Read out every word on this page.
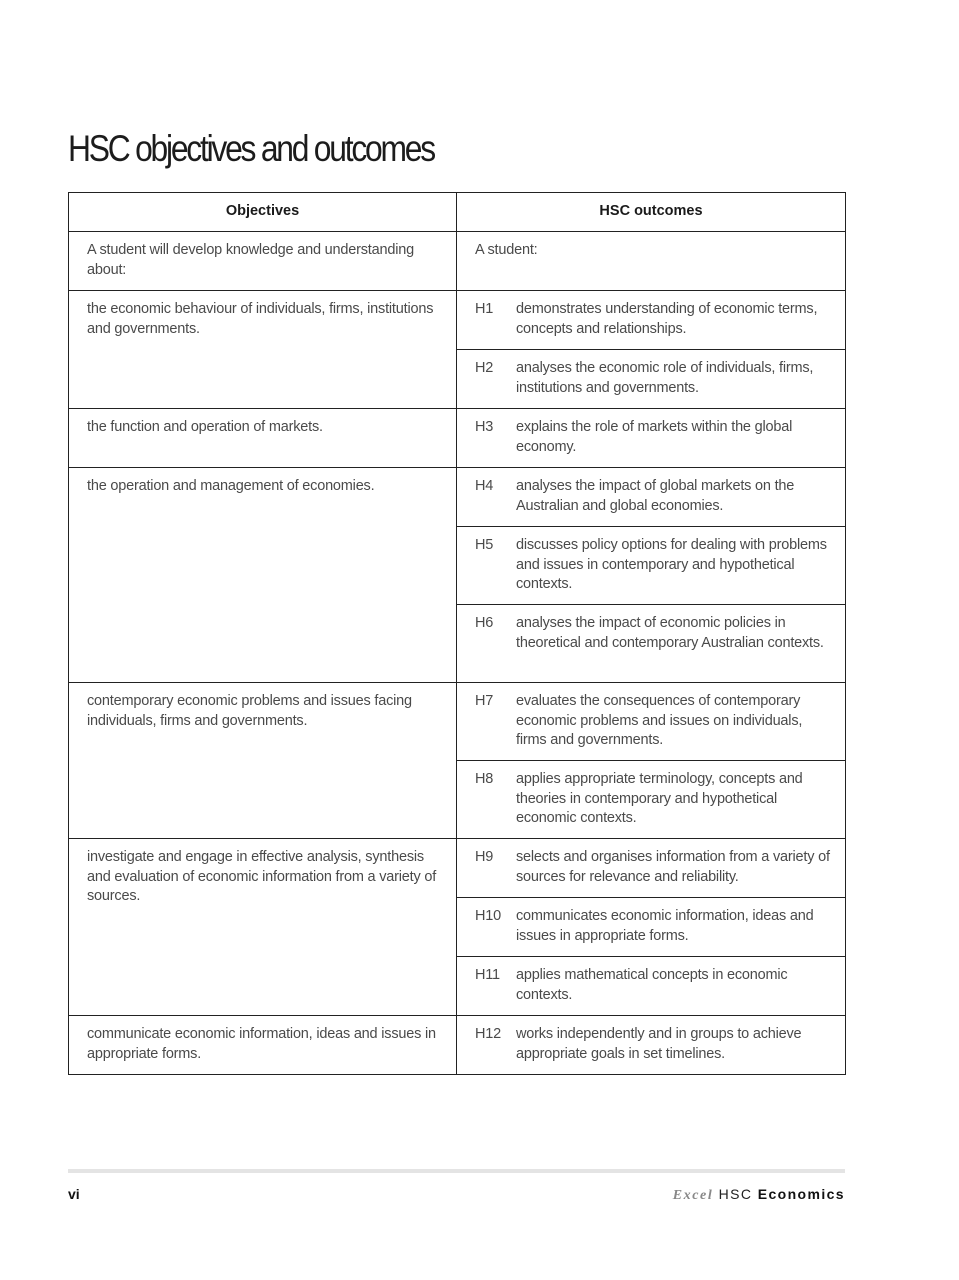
HSC objectives and outcomes
Objectives	HSC outcomes
A student will develop knowledge and understanding about:	A student:
the economic behaviour of individuals, firms, institutions and governments.	H1 demonstrates understanding of economic terms, concepts and relationships.
	H2 analyses the economic role of individuals, firms, institutions and governments.
the function and operation of markets.	H3 explains the role of markets within the global economy.
the operation and management of economies.	H4 analyses the impact of global markets on the Australian and global economies.
	H5 discusses policy options for dealing with problems and issues in contemporary and hypothetical contexts.
	H6 analyses the impact of economic policies in theoretical and contemporary Australian contexts.
contemporary economic problems and issues facing individuals, firms and governments.	H7 evaluates the consequences of contemporary economic problems and issues on individuals, firms and governments.
	H8 applies appropriate terminology, concepts and theories in contemporary and hypothetical economic contexts.
investigate and engage in effective analysis, synthesis and evaluation of economic information from a variety of sources.	H9 selects and organises information from a variety of sources for relevance and reliability.
	H10 communicates economic information, ideas and issues in appropriate forms.
	H11 applies mathematical concepts in economic contexts.
communicate economic information, ideas and issues in appropriate forms.	H12 works independently and in groups to achieve appropriate goals in set timelines.
vi	Excel HSC Economics
